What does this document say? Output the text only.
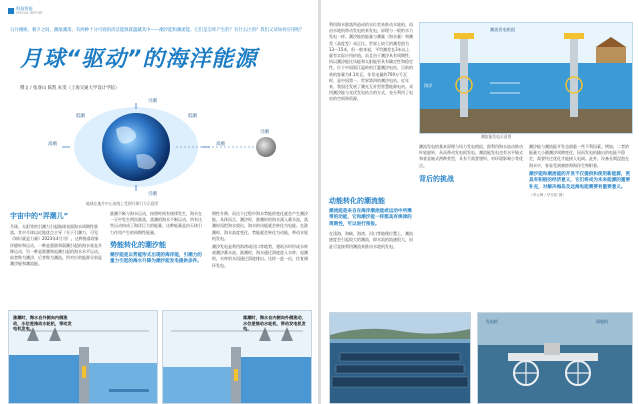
科技智能
SPECIAL REPORT
日月掩映，朝夕之间，潮涨潮落，有两种十分可观的清洁能源就蕴藏其中——潮汐能和潮流能。它们是怎样产生的？有什么区别？我们又该如何应用呢？
月球“驱动”的海洋能源
撰文 / 张睿山 陈凯 朱雯（上海交通大学设计学院）
引潮
引潮
高潮	高潮
低潮	低潮
引潮
地球在地月中心连线上受到月球引力示意图
宇宙中的“弄潮儿”
月球，太阳等的引潮力引起地球表面海水周期性涨落，其中月球以近地优点主导（关于引潮力，可见《知识就是力量》2023年4月刊）。这种涨落现象伴随时和运动，一种是强涨和弱潮引起的海水垂直升降运动，另一种是涨潮和退潮引起的海水水平运动。前者称为潮汐，后者称为潮流。所对应的能源分别是潮汐能和潮流能。
涨潮不断与海水运动，按照时间有规律发生，海水在一天中发生两次涨落，落潮的海水不断运动，所有这些运动构成了海洋巨大的能量，这种能量是由天体引力作用产生的周期性能量。
势能转化的潮汐能
潮汐能是以势能形式出现的海洋能，引潮力的重力引起的海水升降为潮汐能发电提供条件。
期性升降，而这个过程中海水势能的变化就会产生潮汐能。具体而言，潮汐时，涨潮时的海水涌入蓄水池，落潮时再把海水放出，海水的动能就会转化为电能。在涨潮时，海水高度变化，势能就会转化为动能，带动水轮机发电。
潮汐发电是利用海湾或河口等地势，建筑水坝形成水库或潮汐蓄水池，涨潮时，海水通过涡轮进入水库；退潮时，水库的水再通过涡轮排出。这样一进一出，往复循环发电。
涨潮时，海水自外侧向内侧流动，水位差推动水轮机，带动发电机发电。
落潮时，海水自内侧向外侧流动，水位差推动水轮机，带动发电机发电。
利用海水涨落所造成的水位差来推动水轮机，再由水轮机带动发电机来发电。原理与一般的水力发电一样。潮汐能的能量与潮量（海水量）和潮差（高度差）成正比。世界上较大的潮差值为13～15米，但一般来说，平均潮差在3米以上就有实际应用价值。而且由于潮汐具有周期性，所以潮汐能比风能和太阳能更具有确定性和稳定性。位于中国浙江温岭的江厦潮汐电站，目前的装机容量为4.1兆瓦，年发电量约700万千瓦时，是中国第一、世界第四的潮汐电站。近年来，我国还发展了潮光互补型智慧能源电站，采用潮汐能与光伏发电结合的方式，充分利用了电站的空间和资源。
海洋
潮流发电机组
潮流能发电示意图
动能转化的潮流能
潮流能是来自在海洋潮流能或运动中所携带的动能，它和潮汐能一样都具有规律的周期性，可以进行预报。
在浅海，海峡，海湾，河口等地理位置上，潮流速度会引起较大的潮流，即水流的流速很大，因此可直接利用潮流来推动水轮机发电。
潮流发电的基本原理与风力发电相似，即利用海水流动推动叶轮旋转，从而带动发电机发电。潮流能发电也有水平轴式和垂直轴式两种类型，具有不需要建坝、对环境影响小等优点。
背后的挑战
潮汐能与潮流能开发也面临一些不利因素。例如，二者的能量大小随潮汐周期变化，因而发电机输出的电能不稳定，需要经过优化才能接入电网。此外，设备长期浸泡在海水中，容易受到腐蚀和海洋生物附着。
潮汐能和潮流能的开发不仅提供和使用新能源，更具有积极的经济意义，它们将成为未来能源的重要补充，对解决海岛及远海电能需要有重要意义。
（李云峰 / 华东院 摄）
发电机	涡轮机
